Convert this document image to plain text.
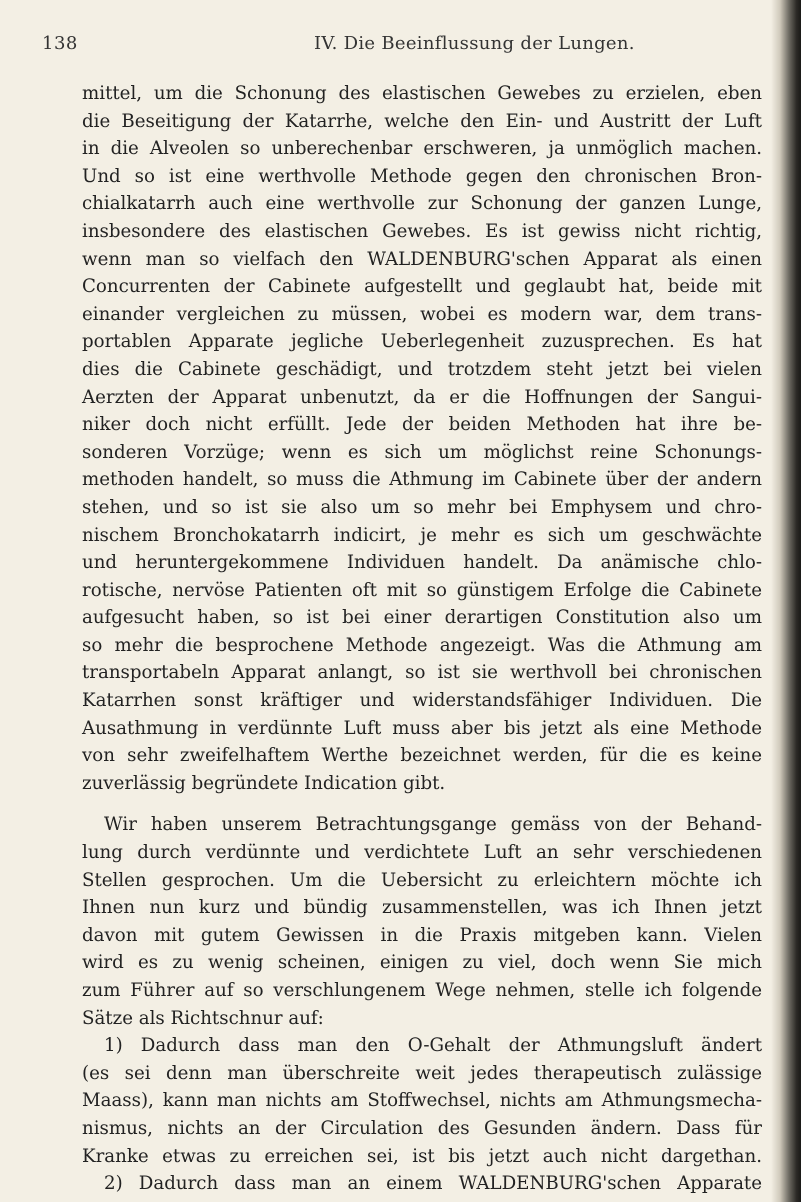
138	IV. Die Beeinflussung der Lungen.
mittel, um die Schonung des elastischen Gewebes zu erzielen, eben
die Beseitigung der Katarrhe, welche den Ein- und Austritt der Luft
in die Alveolen so unberechenbar erschweren, ja unmöglich machen.
Und so ist eine werthvolle Methode gegen den chronischen Bron-
chialkatarrh auch eine werthvolle zur Schonung der ganzen Lunge,
insbesondere des elastischen Gewebes. Es ist gewiss nicht richtig,
wenn man so vielfach den WALDENBURG'schen Apparat als einen
Concurrenten der Cabinete aufgestellt und geglaubt hat, beide mit
einander vergleichen zu müssen, wobei es modern war, dem trans-
portablen Apparate jegliche Ueberlegenheit zuzusprechen. Es hat
dies die Cabinete geschädigt, und trotzdem steht jetzt bei vielen
Aerzten der Apparat unbenutzt, da er die Hoffnungen der Sangui-
niker doch nicht erfüllt. Jede der beiden Methoden hat ihre be-
sonderen Vorzüge; wenn es sich um möglichst reine Schonungs-
methoden handelt, so muss die Athmung im Cabinete über der andern
stehen, und so ist sie also um so mehr bei Emphysem und chro-
nischem Bronchokatarrh indicirt, je mehr es sich um geschwächte
und heruntergekommene Individuen handelt. Da anämische chlo-
rotische, nervöse Patienten oft mit so günstigem Erfolge die Cabinete
aufgesucht haben, so ist bei einer derartigen Constitution also um
so mehr die besprochene Methode angezeigt. Was die Athmung am
transportabeln Apparat anlangt, so ist sie werthvoll bei chronischen
Katarrhen sonst kräftiger und widerstandsfähiger Individuen. Die
Ausathmung in verdünnte Luft muss aber bis jetzt als eine Methode
von sehr zweifelhaftem Werthe bezeichnet werden, für die es keine
zuverlässig begründete Indication gibt.
Wir haben unserem Betrachtungsgange gemäss von der Behand-
lung durch verdünnte und verdichtete Luft an sehr verschiedenen
Stellen gesprochen. Um die Uebersicht zu erleichtern möchte ich
Ihnen nun kurz und bündig zusammenstellen, was ich Ihnen jetzt
davon mit gutem Gewissen in die Praxis mitgeben kann. Vielen
wird es zu wenig scheinen, einigen zu viel, doch wenn Sie mich
zum Führer auf so verschlungenem Wege nehmen, stelle ich folgende
Sätze als Richtschnur auf:
1) Dadurch dass man den O-Gehalt der Athmungsluft ändert
(es sei denn man überschreite weit jedes therapeutisch zulässige
Maass), kann man nichts am Stoffwechsel, nichts am Athmungsmecha-
nismus, nichts an der Circulation des Gesunden ändern. Dass für
Kranke etwas zu erreichen sei, ist bis jetzt auch nicht dargethan.
2) Dadurch dass man an einem WALDENBURG'schen Apparate
